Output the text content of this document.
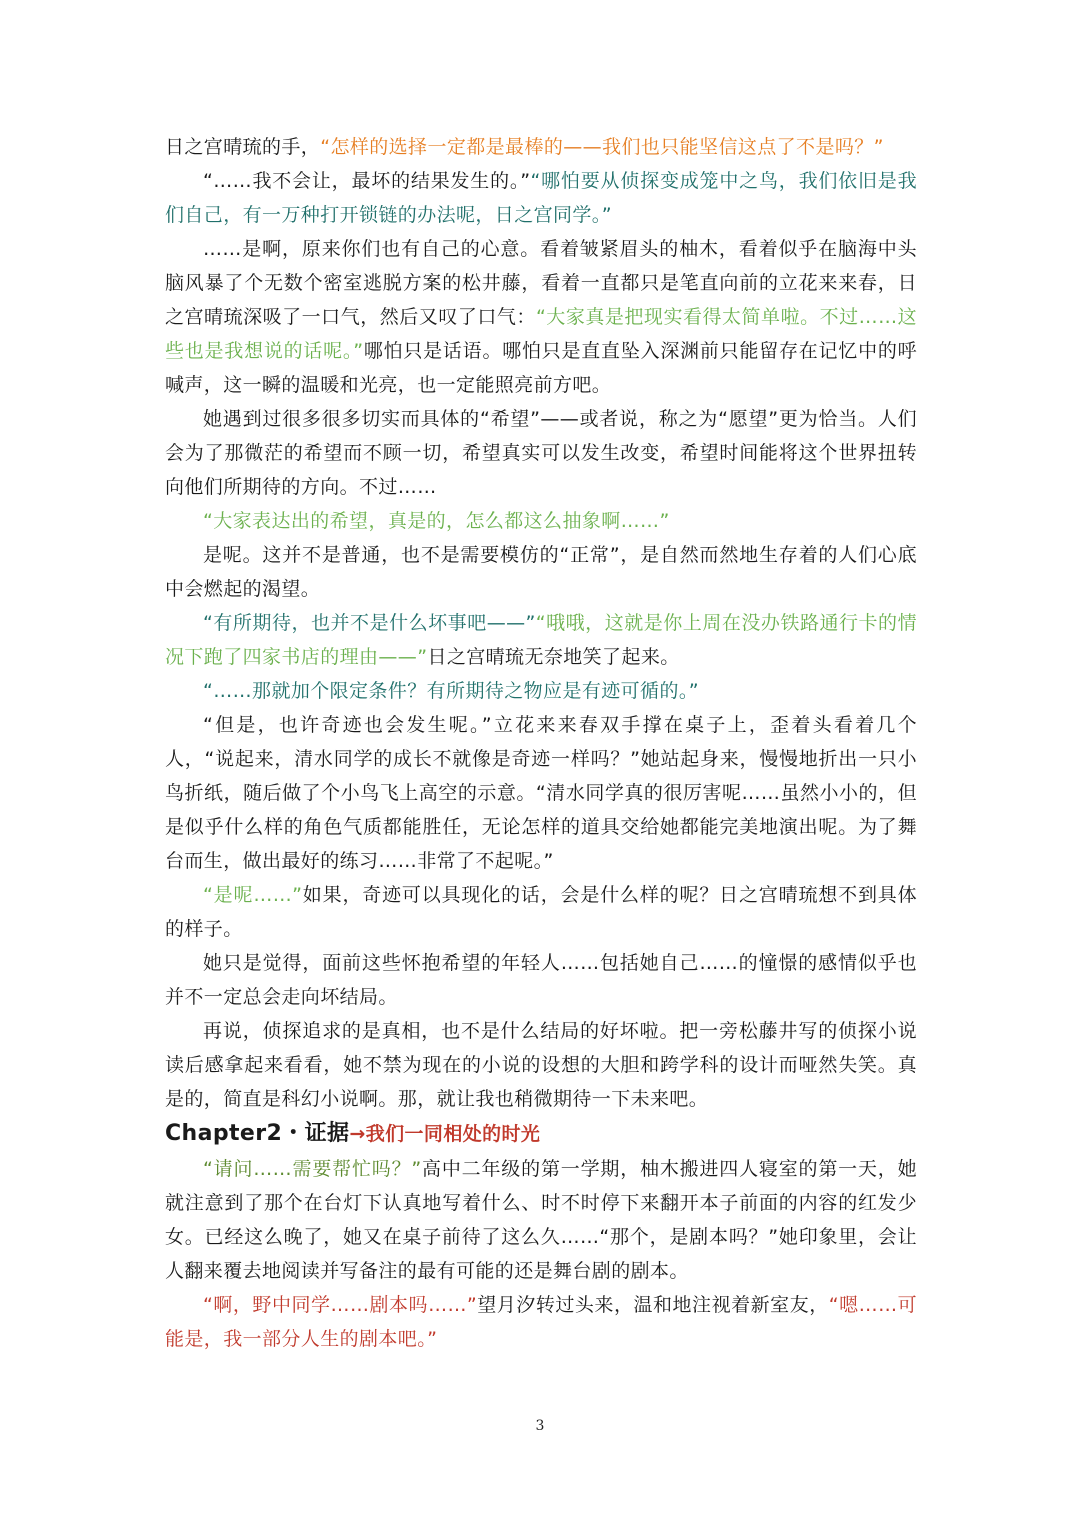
日之宫晴琉的手，“怎样的选择一定都是最棒的——我们也只能坚信这点了不是吗？”

“……我不会让，最坏的结果发生的。”“哪怕要从侦探变成笼中之鸟，我们依旧是我们自己，有一万种打开锁链的办法呢，日之宫同学。”

……是啊，原来你们也有自己的心意。看着皱紧眉头的柚木，看着似乎在脑海中头脑风暴了个无数个密室逃脱方案的松井藤，看着一直都只是笔直向前的立花来来春，日之宫晴琉深吸了一口气，然后又叹了口气：“大家真是把现实看得太简单啦。不过……这些也是我想说的话呢。”哪怕只是话语。哪怕只是直直坠入深渊前只能留存在记忆中的呼喊声，这一瞬的温暖和光亮，也一定能照亮前方吧。

她遇到过很多很多切实而具体的“希望”——或者说，称之为“愿望”更为恰当。人们会为了那微茫的希望而不顾一切，希望真实可以发生改变，希望时间能将这个世界扭转向他们所期待的方向。不过……

“大家表达出的希望，真是的，怎么都这么抽象啊……”

是呢。这并不是普通，也不是需要模仿的“正常”，是自然而然地生存着的人们心底中会燃起的渴望。

“有所期待，也并不是什么坏事吧——”“哦哦，这就是你上周在没办铁路通行卡的情况下跑了四家书店的理由——”日之宫晴琉无奈地笑了起来。

“……那就加个限定条件？有所期待之物应是有迹可循的。”

“但是，也许奇迹也会发生呢。”立花来来春双手撑在桌子上，歪着头看着几个人，“说起来，清水同学的成长不就像是奇迹一样吗？”她站起身来，慢慢地折出一只小鸟折纸，随后做了个小鸟飞上高空的示意。“清水同学真的很厉害呢……虽然小小的，但是似乎什么样的角色气质都能胜任，无论怎样的道具交给她都能完美地演出呢。为了舞台而生，做出最好的练习……非常了不起呢。”

“是呢……”如果，奇迹可以具现化的话，会是什么样的呢？日之宫晴琉想不到具体的样子。

她只是觉得，面前这些怀抱希望的年轻人……包括她自己……的憧憬的感情似乎也并不一定总会走向坏结局。

再说，侦探追求的是真相，也不是什么结局的好坏啦。把一旁松藤井写的侦探小说读后感拿起来看看，她不禁为现在的小说的设想的大胆和跨学科的设计而哑然失笑。真是的，简直是科幻小说啊。那，就让我也稍微期待一下未来吧。

Chapter2・证据→我们一同相处的时光

“请问……需要帮忙吗？”高中二年级的第一学期，柚木搬进四人寝室的第一天，她就注意到了那个在台灯下认真地写着什么、时不时停下来翻开本子前面的内容的红发少女。已经这么晚了，她又在桌子前待了这么久……“那个，是剧本吗？”她印象里，会让人翻来覆去地阅读并写备注的最有可能的还是舞台剧的剧本。

“啊，野中同学……剧本吗……”望月汐转过头来，温和地注视着新室友，“嗯……可能是，我一部分人生的剧本吧。”

3
